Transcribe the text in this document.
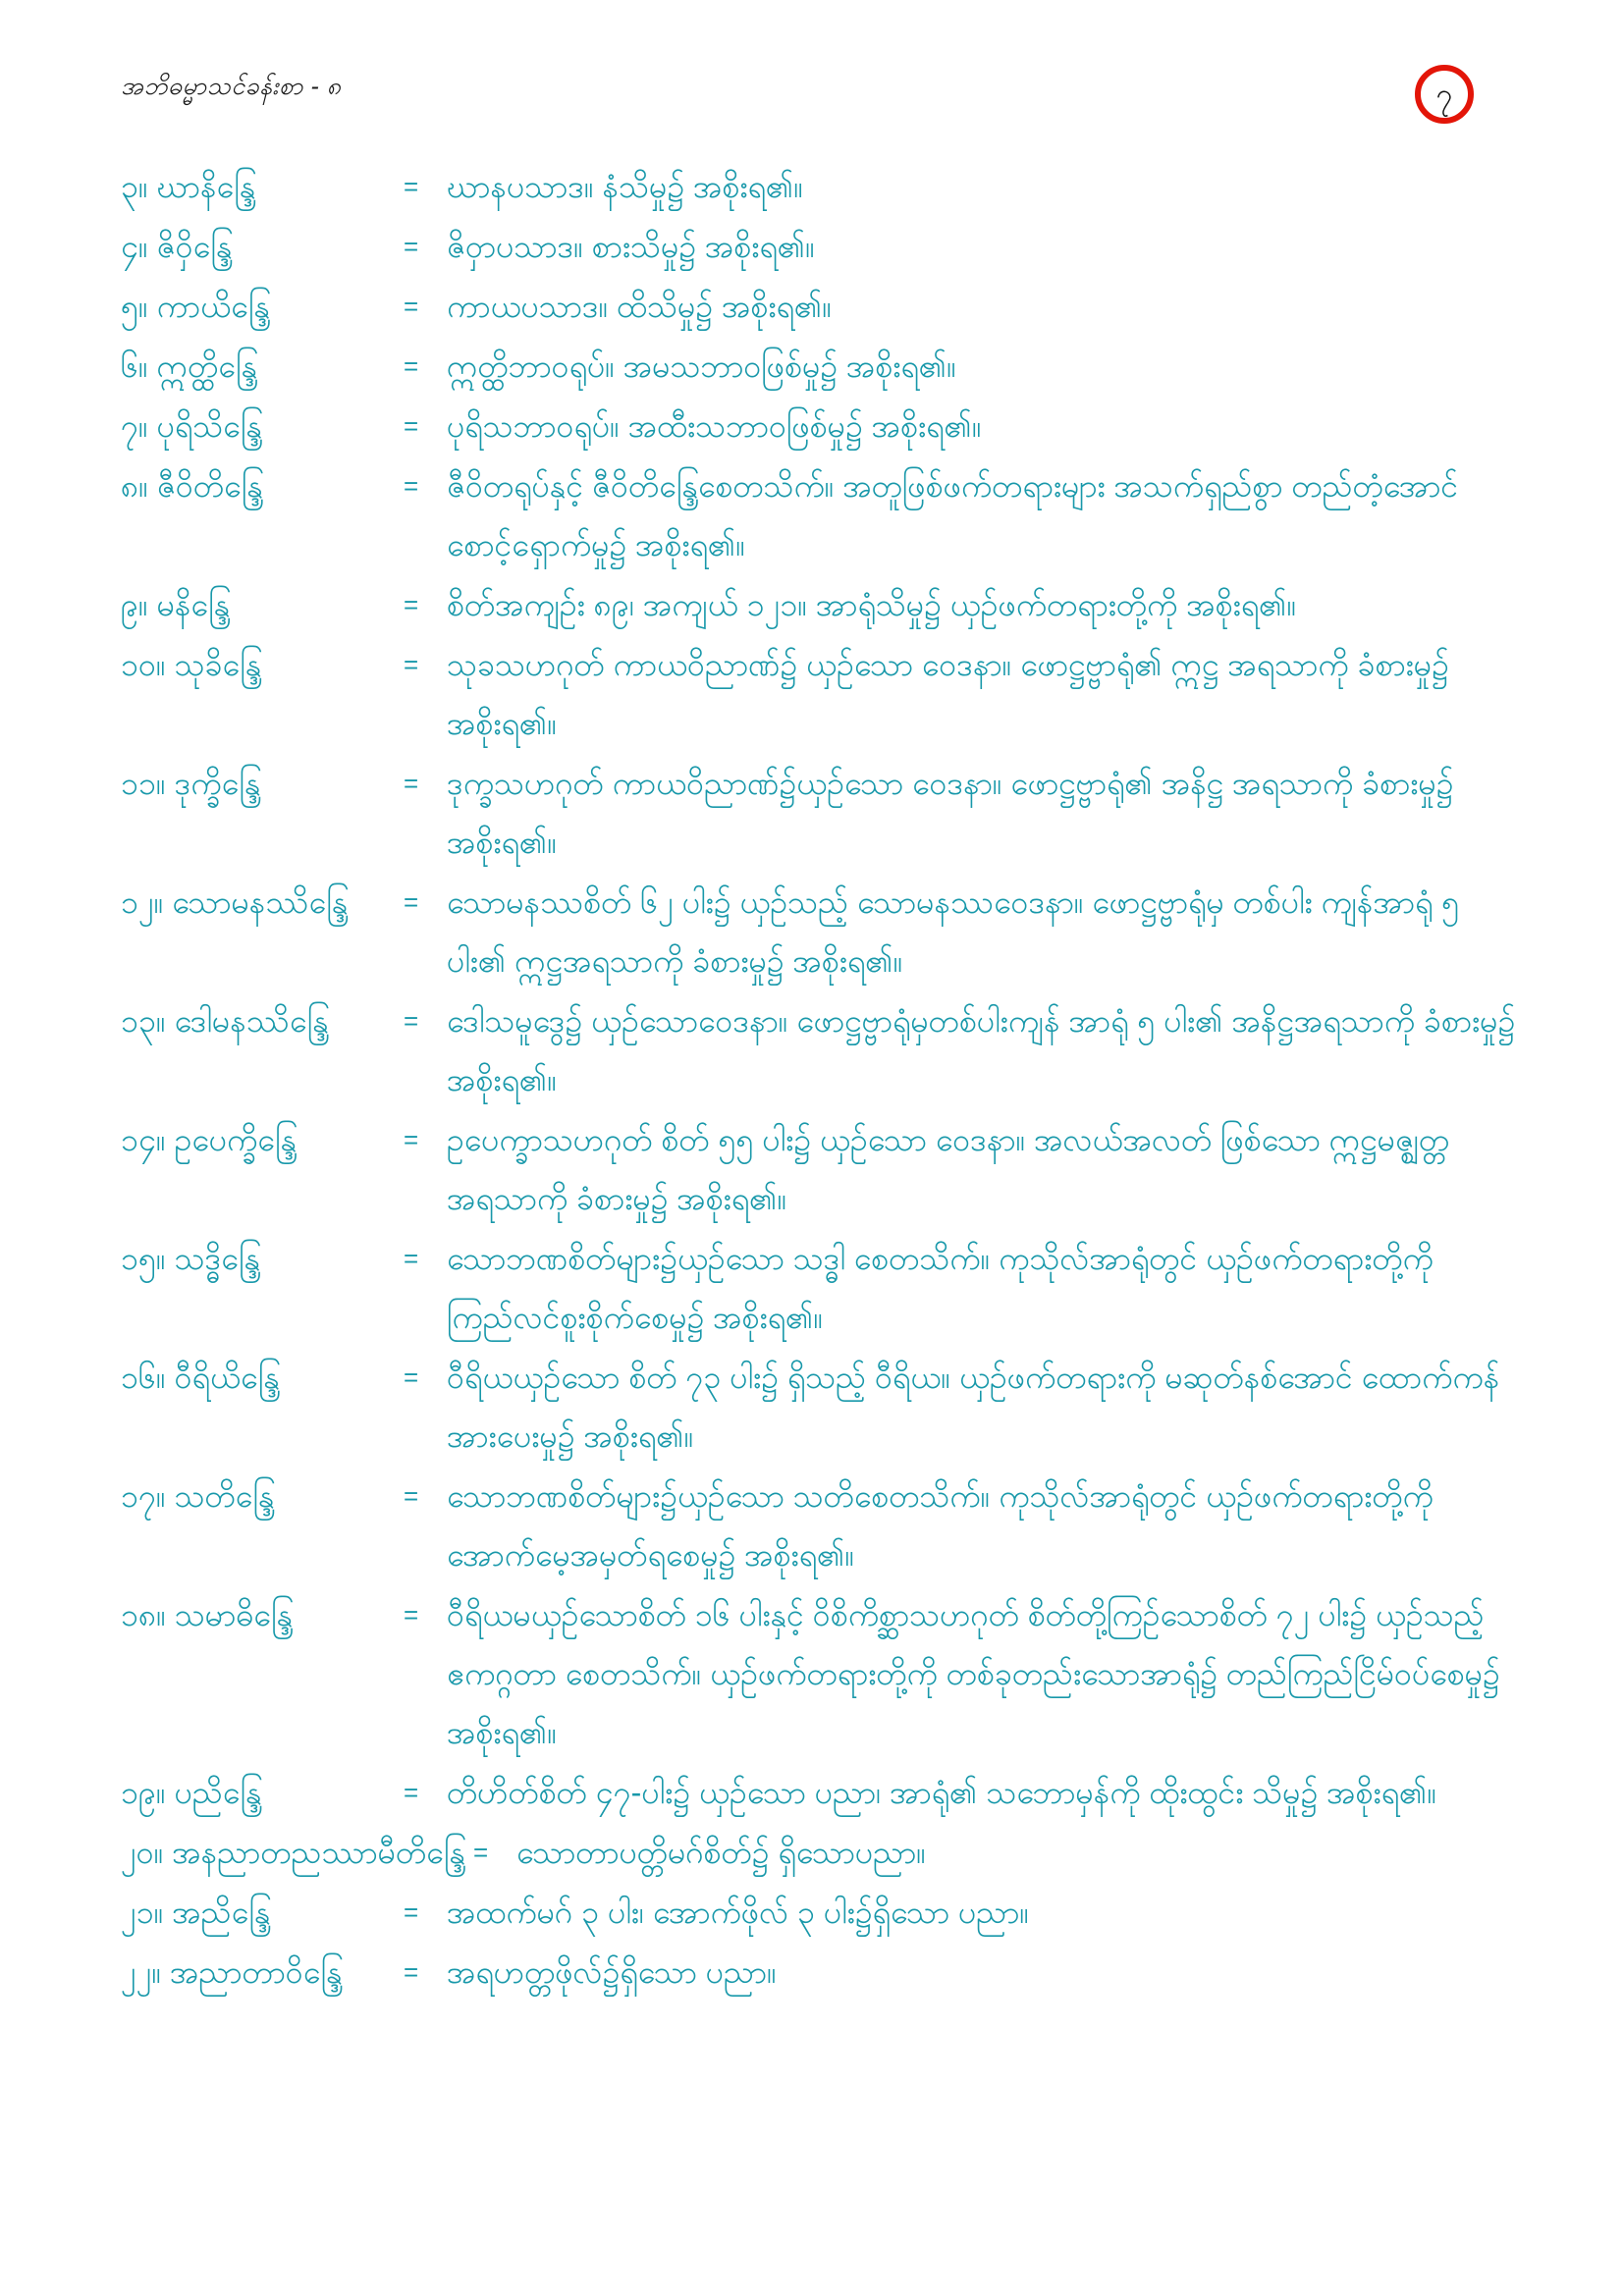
အဘိဓမ္မာသင်ခန်းစာ - ၈	၇
၃။ ဃာနိန္ဒြေ	= ဃာနပသာဒ။ နံသိမှု၌ အစိုးရ၏။
၄။ ဇိဝှိန္ဒြေ	= ဇိဝှာပသာဒ။ စားသိမှု၌ အစိုးရ၏။
၅။ ကာယိန္ဒြေ	= ကာယပသာဒ။ ထိသိမှု၌ အစိုးရ၏။
၆။ ဣတ္ထိန္ဒြေ	= ဣတ္ထိဘာဝရုပ်။ အမသဘာဝဖြစ်မှု၌ အစိုးရ၏။
၇။ ပုရိသိန္ဒြေ	= ပုရိသဘာဝရုပ်။ အထီးသဘာဝဖြစ်မှု၌ အစိုးရ၏။
၈။ ဇီဝိတိန္ဒြေ	= ဇီဝိတရုပ်နှင့် ဇီဝိတိန္ဒြေစေတသိက်။ အတူဖြစ်ဖက်တရားများ အသက်ရှည်စွာ တည်တံ့အောင် စောင့်ရှောက်မှု၌ အစိုးရ၏။
၉။ မနိန္ဒြေ	= စိတ်အကျဉ်း ၈၉၊ အကျယ် ၁၂၁။ အာရုံသိမှု၌ ယှဉ်ဖက်တရားတို့ကို အစိုးရ၏။
၁၀။ သုခိန္ဒြေ	= သုခသဟဂုတ် ကာယဝိညာဏ်၌ ယှဉ်သော ဝေဒနာ။ ဖောဋ္ဌဗ္ဗာရုံ၏ ဣဋ္ဌ အရသာကို ခံစားမှု၌ အစိုးရ၏။
၁၁။ ဒုက္ခိန္ဒြေ	= ဒုက္ခသဟဂုတ် ကာယဝိညာဏ်၌ယှဉ်သော ဝေဒနာ။ ဖောဋ္ဌဗ္ဗာရုံ၏ အနိဋ္ဌ အရသာကို ခံစားမှု၌ အစိုးရ၏။
၁၂။ သောမနဿိန္ဒြေ	= သောမနဿစိတ် ၆၂ ပါး၌ ယှဉ်သည့် သောမနဿဝေဒနာ။ ဖောဋ္ဌဗ္ဗာရုံမှ တစ်ပါး ကျန်အာရုံ ၅ ပါး၏ ဣဋ္ဌအရသာကို ခံစားမှု၌ အစိုးရ၏။
၁၃။ ဒေါမနဿိန္ဒြေ	= ဒေါသမူဒွေ၌ ယှဉ်သောဝေဒနာ။ ဖောဋ္ဌဗ္ဗာရုံမှတစ်ပါးကျန် အာရုံ ၅ ပါး၏ အနိဋ္ဌအရသာကို ခံစားမှု၌ အစိုးရ၏။
၁၄။ ဥပေက္ခိန္ဒြေ	= ဥပေက္ခာသဟဂုတ် စိတ် ၅၅ ပါး၌ ယှဉ်သော ဝေဒနာ။ အလယ်အလတ် ဖြစ်သော ဣဋ္ဌမဇ္ဈတ္တအရသာကို ခံစားမှု၌ အစိုးရ၏။
၁၅။ သဒ္ဓိန္ဒြေ	= သောဘဏစိတ်များ၌ယှဉ်သော သဒ္ဓါ စေတသိက်။ ကုသိုလ်အာရုံတွင် ယှဉ်ဖက်တရားတို့ကို ကြည်လင်စူးစိုက်စေမှု၌ အစိုးရ၏။
၁၆။ ဝီရိယိန္ဒြေ	= ဝီရိယယှဉ်သော စိတ် ၇၃ ပါး၌ ရှိသည့် ဝီရိယ။ ယှဉ်ဖက်တရားကို မဆုတ်နစ်အောင် ထောက်ကန်အားပေးမှု၌ အစိုးရ၏။
၁၇။ သတိန္ဒြေ	= သောဘဏစိတ်များ၌ယှဉ်သော သတိစေတသိက်။ ကုသိုလ်အာရုံတွင် ယှဉ်ဖက်တရားတို့ကို အောက်မေ့အမှတ်ရစေမှု၌ အစိုးရ၏။
၁၈။ သမာဓိန္ဒြေ	= ဝီရိယမယှဉ်သောစိတ် ၁၆ ပါးနှင့် ဝိစိကိစ္ဆာသဟဂုတ် စိတ်တို့ကြဉ်သောစိတ် ၇၂ ပါး၌ ယှဉ်သည့် ဧကဂ္ဂတာ စေတသိက်။ ယှဉ်ဖက်တရားတို့ကို တစ်ခုတည်းသောအာရုံ၌ တည်ကြည်ငြိမ်ဝပ်စေမှု၌ အစိုးရ၏။
၁၉။ ပညိန္ဒြေ	= တိဟိတ်စိတ် ၄၇-ပါး၌ ယှဉ်သော ပညာ၊ အာရုံ၏ သဘောမှန်ကို ထိုးထွင်း သိမှု၌ အစိုးရ၏။
၂၀။ အနညာတညဿာမီတိန္ဒြေ = သောတာပတ္တိမဂ်စိတ်၌ ရှိသောပညာ။
၂၁။ အညိန္ဒြေ	= အထက်မဂ် ၃ ပါး၊ အောက်ဖိုလ် ၃ ပါး၌ရှိသော ပညာ။
၂၂။ အညာတာဝိန္ဒြေ	= အရဟတ္တဖိုလ်၌ရှိသော ပညာ။
